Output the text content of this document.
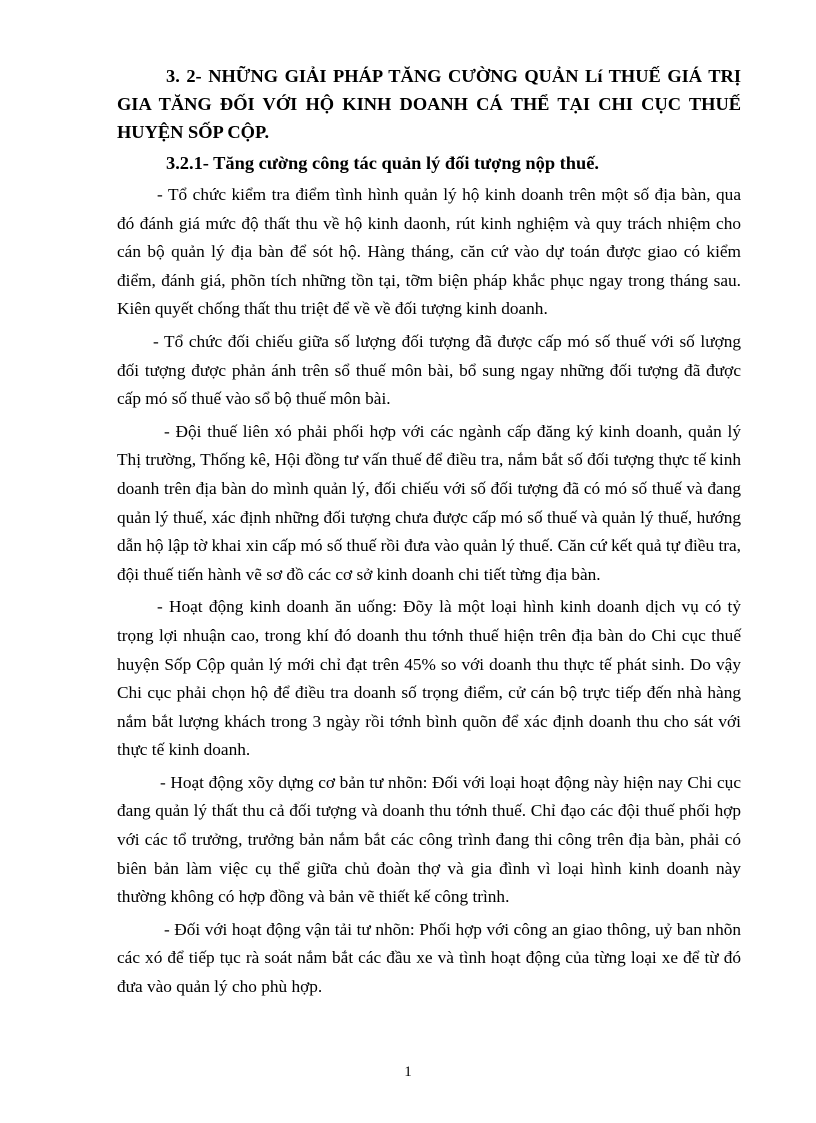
3. 2- NHỮNG GIẢI PHÁP TĂNG CƯỜNG QUẢN Lí THUẾ GIÁ TRỊ GIA TĂNG ĐỐI VỚI HỘ KINH DOANH CÁ THỂ TẠI CHI CỤC THUẾ HUYỆN SỐP CỘP.

3.2.1- Tăng cường công tác quản lý đối tượng nộp thuế.

- Tổ chức kiểm tra điểm tình hình quản lý hộ kinh doanh trên một số địa bàn, qua đó đánh giá mức độ thất thu về hộ kinh daonh, rút kinh nghiệm và quy trách nhiệm cho cán bộ quản lý địa bàn để sót hộ. Hàng tháng, căn cứ vào dự toán được giao có kiểm điểm, đánh giá, phõn tích những tồn tại, tỡm biện pháp khắc phục ngay trong tháng sau. Kiên quyết chống thất thu triệt để về về đối tượng kinh doanh.

- Tổ chức đối chiếu giữa số lượng đối tượng đã được cấp mó số thuế với số lượng đối tượng được phản ánh trên sổ thuế môn bài, bổ sung ngay những đối tượng đã được cấp mó số thuế vào sổ bộ thuế môn bài.

- Đội thuế liên xó phải phối hợp với các ngành cấp đăng ký kinh doanh, quản lý Thị trường, Thống kê, Hội đồng tư vấn thuế để điều tra, nắm bắt số đối tượng thực tế kinh doanh trên địa bàn do mình quản lý, đối chiếu với số đối tượng đã có mó số thuế và đang quản lý thuế, xác định những đối tượng chưa được cấp mó số thuế và quản lý thuế, hướng dẫn hộ lập tờ khai xin cấp mó số thuế rồi đưa vào quản lý thuế. Căn cứ kết quả tự điều tra, đội thuế tiến hành vẽ sơ đồ các cơ sở kinh doanh chi tiết từng địa bàn.

- Hoạt động kinh doanh ăn uống: Đõy là một loại hình kinh doanh dịch vụ có tỷ trọng lợi nhuận cao, trong khí đó doanh thu tớnh thuế hiện trên địa bàn do Chi cục thuế huyện Sốp Cộp quản lý mới chỉ đạt trên 45% so với doanh thu thực tế phát sinh. Do vậy Chi cục phải chọn hộ để điều tra doanh số trọng điểm, cử cán bộ trực tiếp đến nhà hàng nắm bắt lượng khách trong 3 ngày rồi tớnh bình quõn để xác định doanh thu cho sát với thực tế kinh doanh.

- Hoạt động xõy dựng cơ bản tư nhõn: Đối với loại hoạt động này hiện nay Chi cục đang quản lý thất thu cả đối tượng và doanh thu tớnh thuế. Chỉ đạo các đội thuế phối hợp với các tổ trưởng, trưởng bản nắm bắt các công trình đang thi công trên địa bàn, phải có biên bản làm việc cụ thể giữa chủ đoàn thợ và gia đình vì loại hình kinh doanh này thường không có hợp đồng và bản vẽ thiết kế công trình.

- Đối với hoạt động vận tải tư nhõn: Phối hợp với công an giao thông, uỷ ban nhõn các xó để tiếp tục rà soát nắm bắt các đầu xe và tình hoạt động của từng loại xe để từ đó đưa vào quản lý cho phù hợp.

1
